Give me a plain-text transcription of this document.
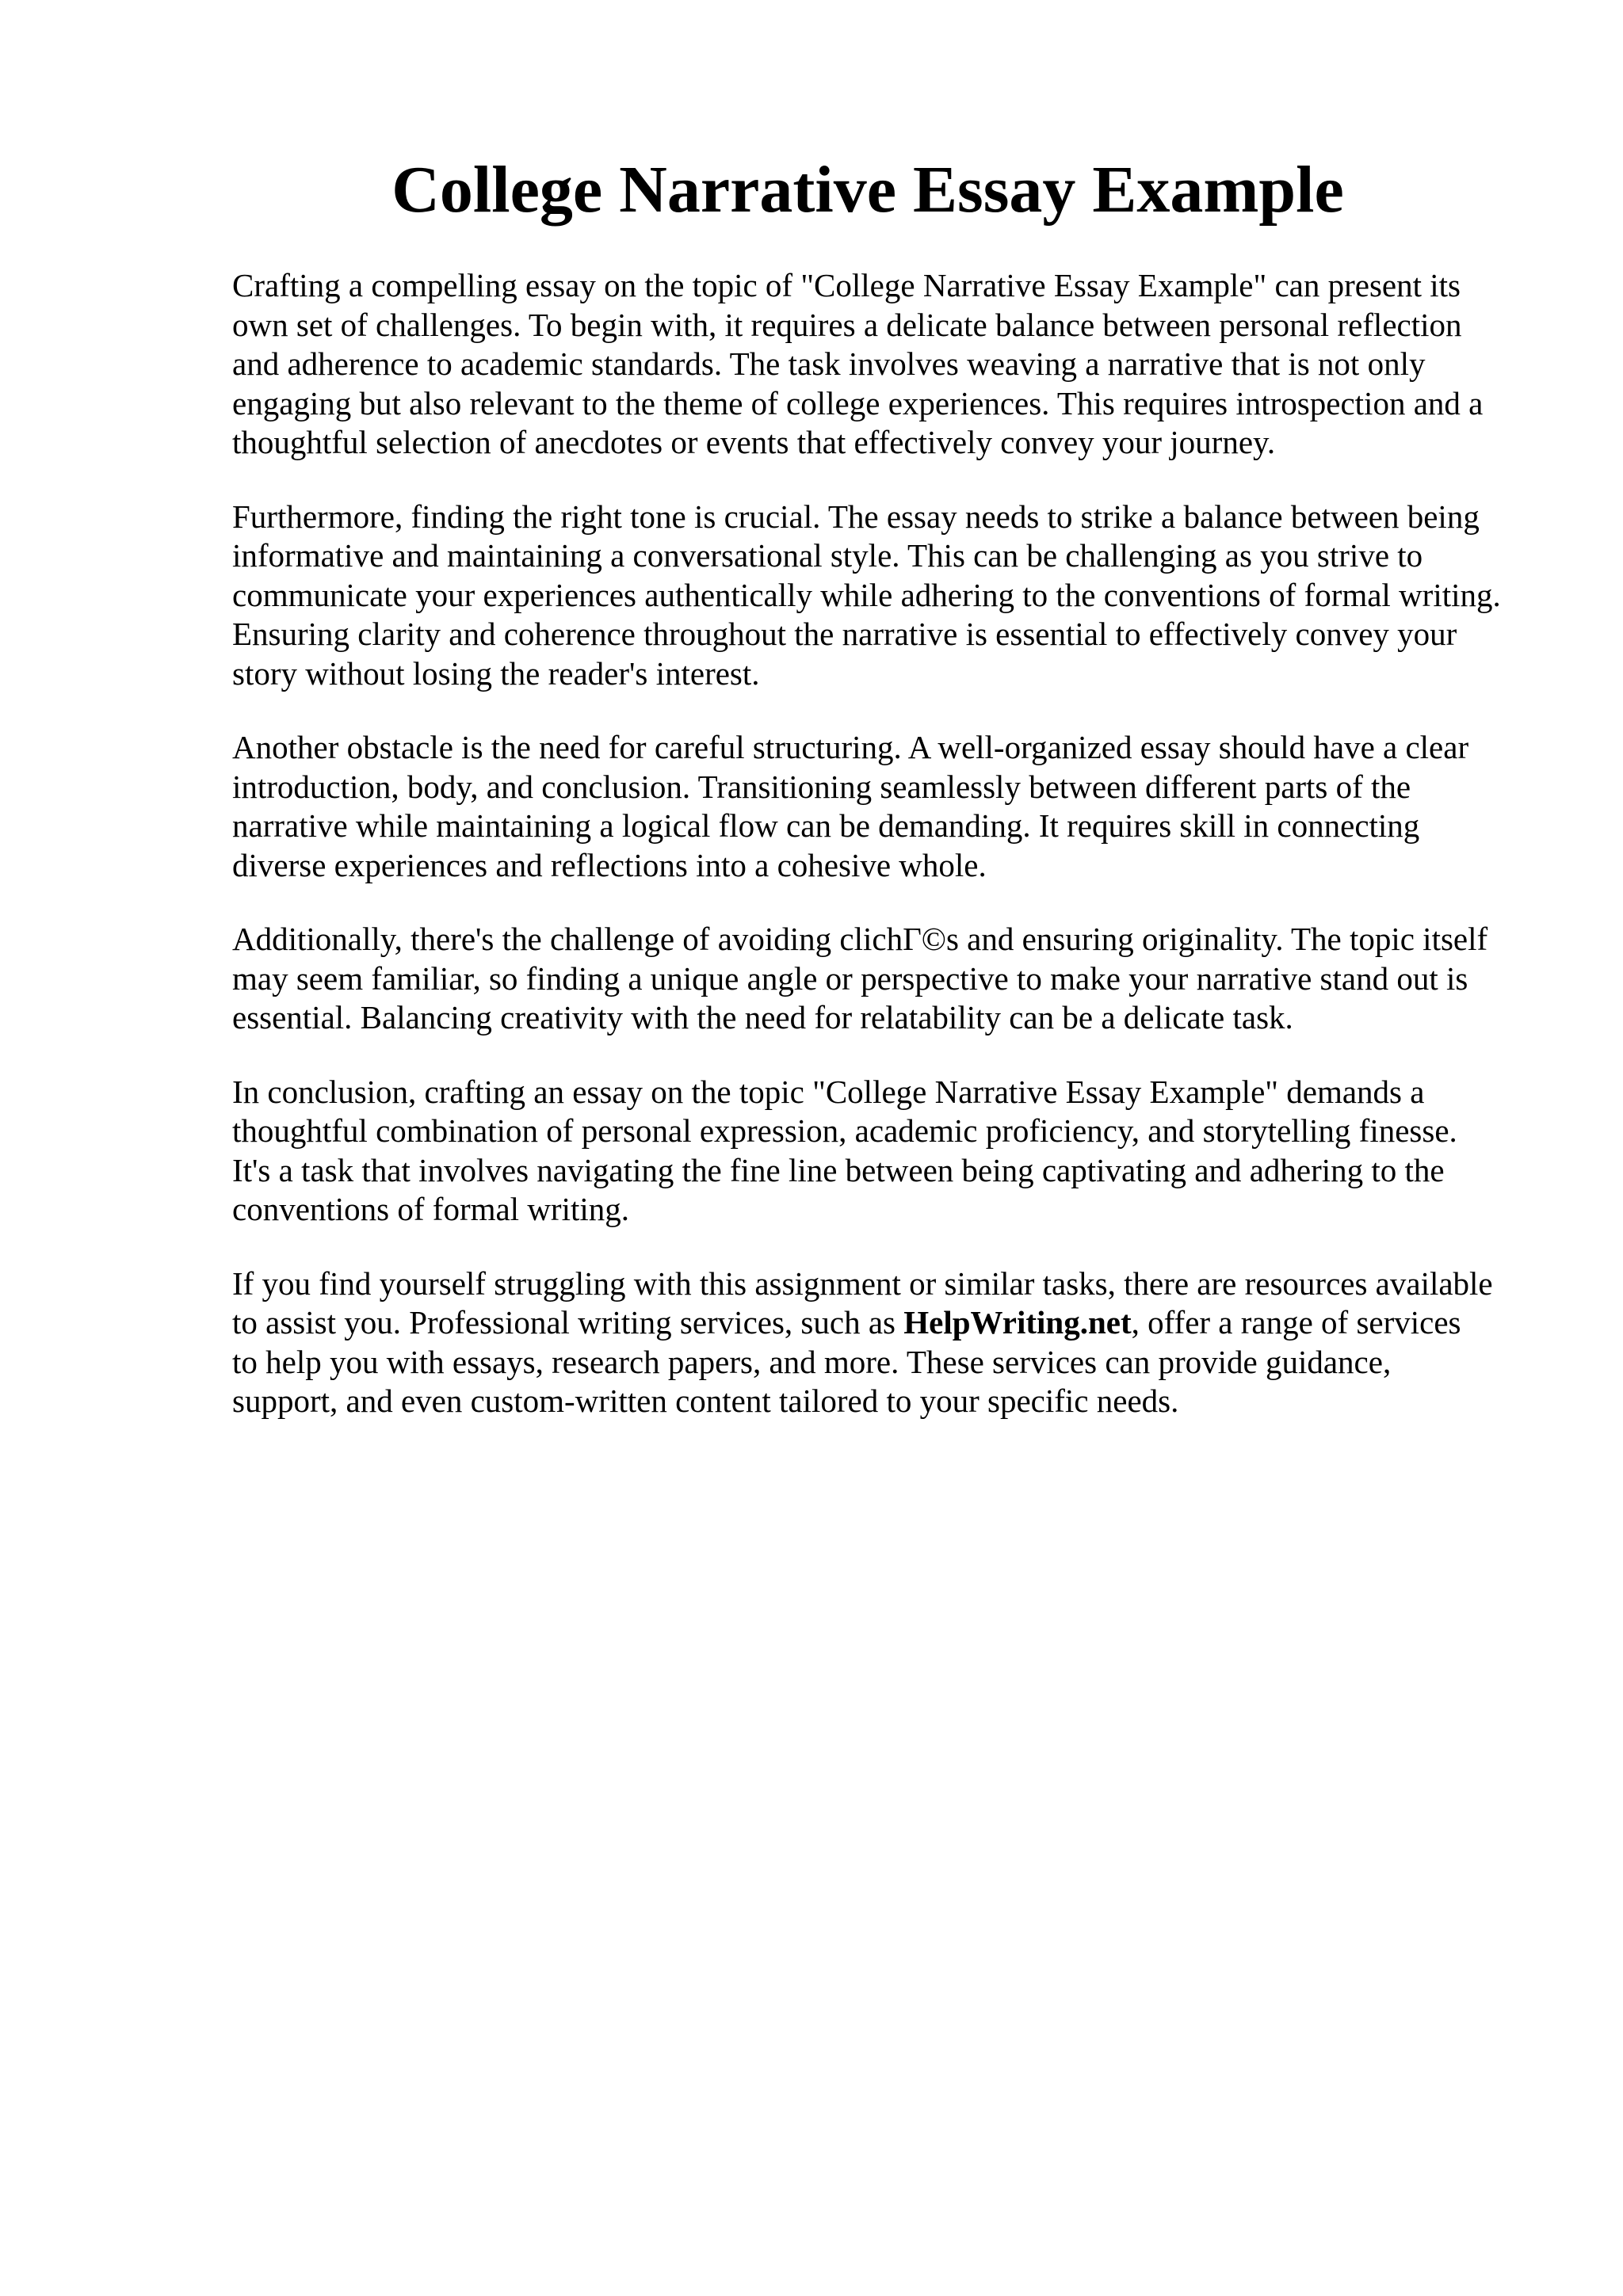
College Narrative Essay Example

Crafting a compelling essay on the topic of "College Narrative Essay Example" can present its
own set of challenges. To begin with, it requires a delicate balance between personal reflection
and adherence to academic standards. The task involves weaving a narrative that is not only
engaging but also relevant to the theme of college experiences. This requires introspection and a
thoughtful selection of anecdotes or events that effectively convey your journey.

Furthermore, finding the right tone is crucial. The essay needs to strike a balance between being
informative and maintaining a conversational style. This can be challenging as you strive to
communicate your experiences authentically while adhering to the conventions of formal writing.
Ensuring clarity and coherence throughout the narrative is essential to effectively convey your
story without losing the reader's interest.

Another obstacle is the need for careful structuring. A well-organized essay should have a clear
introduction, body, and conclusion. Transitioning seamlessly between different parts of the
narrative while maintaining a logical flow can be demanding. It requires skill in connecting
diverse experiences and reflections into a cohesive whole.

Additionally, there's the challenge of avoiding clichΓ©s and ensuring originality. The topic itself
may seem familiar, so finding a unique angle or perspective to make your narrative stand out is
essential. Balancing creativity with the need for relatability can be a delicate task.

In conclusion, crafting an essay on the topic "College Narrative Essay Example" demands a
thoughtful combination of personal expression, academic proficiency, and storytelling finesse.
It's a task that involves navigating the fine line between being captivating and adhering to the
conventions of formal writing.

If you find yourself struggling with this assignment or similar tasks, there are resources available
to assist you. Professional writing services, such as HelpWriting.net, offer a range of services
to help you with essays, research papers, and more. These services can provide guidance,
support, and even custom-written content tailored to your specific needs.
